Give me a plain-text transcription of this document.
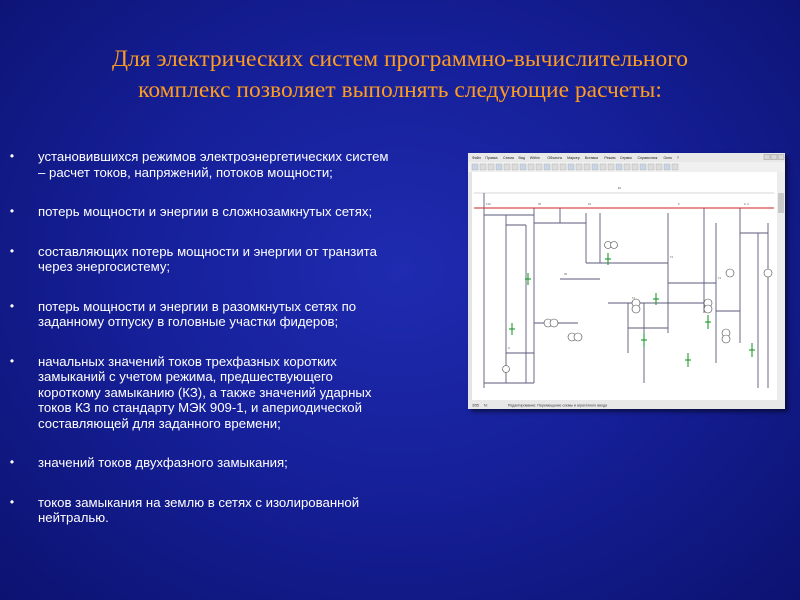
Для электрических систем программно-вычислительного
комплекс позволяет выполнять следующие расчеты:
• установившихся режимов электроэнергетических систем
– расчет токов, напряжений, потоков мощности;
• потерь мощности и энергии в сложнозамкнутых сетях;
• составляющих потерь мощности и энергии от транзита
через энергосистему;
• потерь мощности и энергии в разомкнутых сетях по
заданному отпуску в головные участки фидеров;
• начальных значений токов трехфазных коротких
замыканий с учетом режима, предшествующего
короткому замыканию (КЗ), а также значений ударных
токов КЗ по стандарту МЭК 909-1, и апериодической
составляющей для заданного времени;
• значений токов двухфазного замыкания;
• токов замыкания на землю в сетях с изолированной
нейтралью.
Файл Правка Схема Вид Within Объекты Маркер Вставка Режим Сервис Справочник Окно ?
3/55 N:	Редактирование: Перемещение схемы и агрегатного ввода
110	35	10
Ш1
6	0.4
T2
Л3
T1
Г1
Н
